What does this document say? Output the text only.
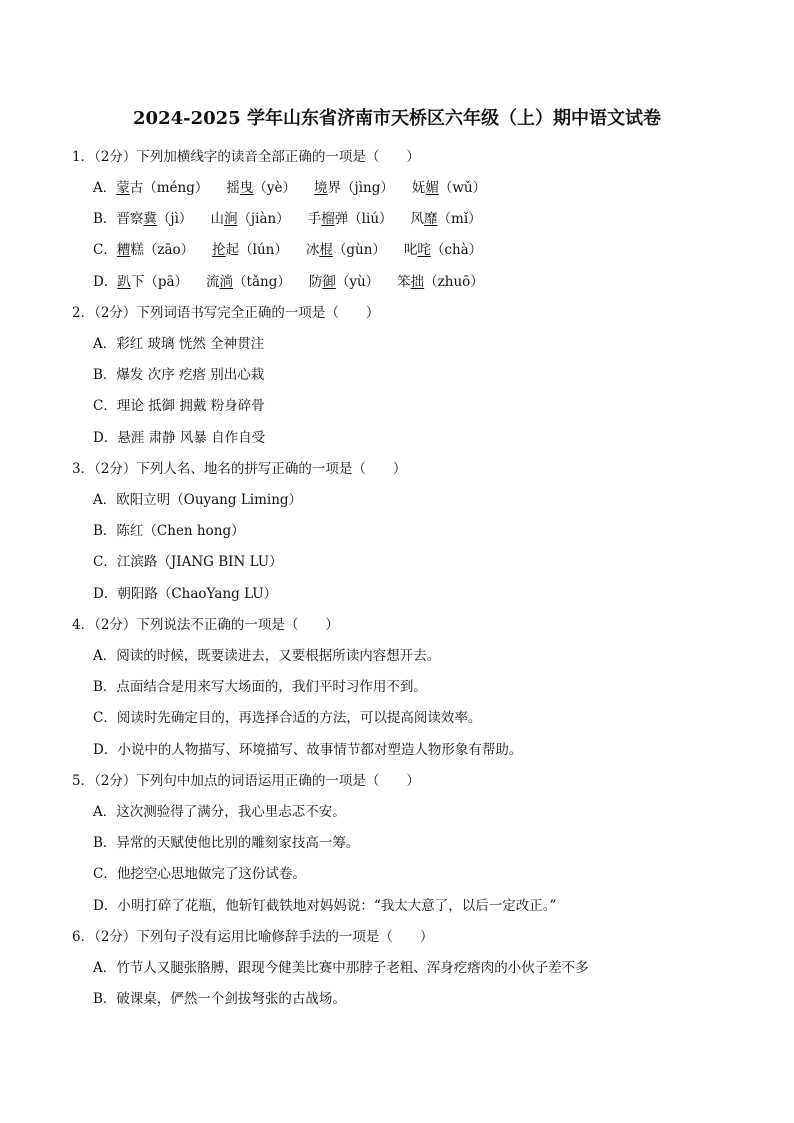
2024-2025 学年山东省济南市天桥区六年级（上）期中语文试卷
1．（2分）下列加横线字的读音全部正确的一项是（　　）
A．蒙古（méng） 摇曳（yè） 境界（jìng） 妩媚（wǔ）
B．晋察冀（jì） 山涧（jiàn） 手榴弹（liú） 风靡（mǐ）
C．糟糕（zāo） 抡起（lún） 冰棍（gùn） 叱咤（chà）
D．趴下（pā） 流淌（tǎng） 防御（yù） 笨拙（zhuō）
2．（2分）下列词语书写完全正确的一项是（　　）
A．彩红 玻璃 恍然 全神贯注
B．爆发 次序 疙瘩 别出心栽
C．理论 抵御 拥戴 粉身碎骨
D．悬涯 肃静 风暴 自作自受
3．（2分）下列人名、地名的拼写正确的一项是（　　）
A．欧阳立明（Ouyang Liming）
B．陈红（Chen hong）
C．江滨路（JIANG BIN LU）
D．朝阳路（ChaoYang LU）
4．（2分）下列说法不正确的一项是（　　）
A．阅读的时候，既要读进去，又要根据所读内容想开去。
B．点面结合是用来写大场面的，我们平时习作用不到。
C．阅读时先确定目的，再选择合适的方法，可以提高阅读效率。
D．小说中的人物描写、环境描写、故事情节都对塑造人物形象有帮助。
5．（2分）下列句中加点的词语运用正确的一项是（　　）
A．这次测验得了满分，我心里忐忑不安。
B．异常的天赋使他比别的雕刻家技高一筹。
C．他挖空心思地做完了这份试卷。
D．小明打碎了花瓶，他斩钉截铁地对妈妈说：“我太大意了，以后一定改正。”
6．（2分）下列句子没有运用比喻修辞手法的一项是（　　）
A．竹节人又腿张胳膊，跟现今健美比赛中那脖子老粗、浑身疙瘩肉的小伙子差不多
B．破课桌，俨然一个剑拔弩张的古战场。
